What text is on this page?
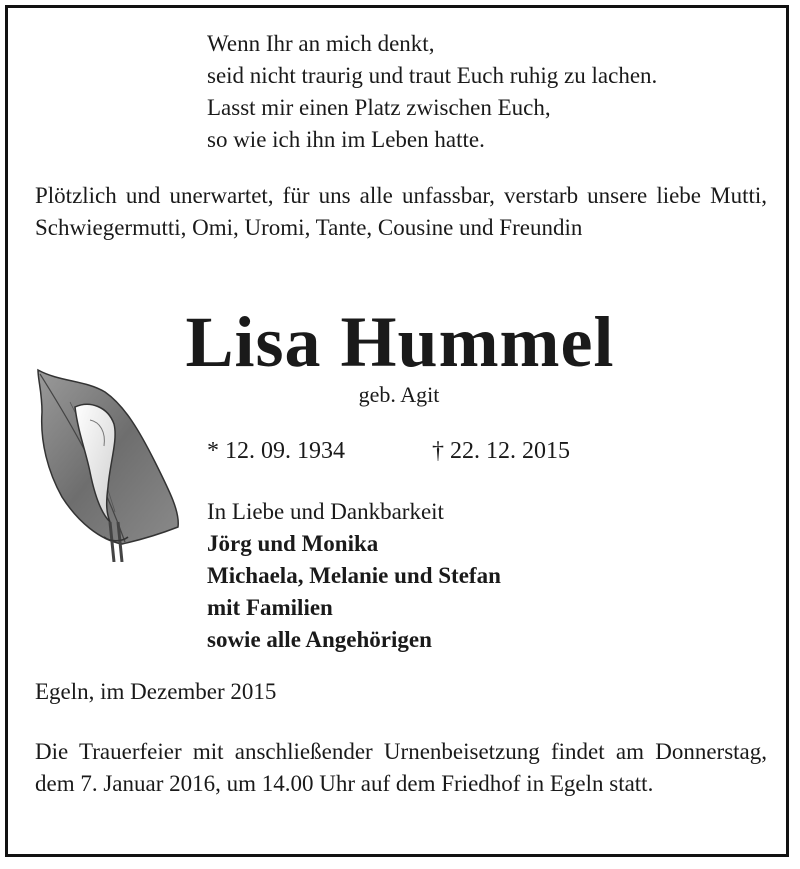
Wenn Ihr an mich denkt,
seid nicht traurig und traut Euch ruhig zu lachen.
Lasst mir einen Platz zwischen Euch,
so wie ich ihn im Leben hatte.
Plötzlich und unerwartet, für uns alle unfassbar, verstarb unsere liebe Mutti, Schwiegermutti, Omi, Uromi, Tante, Cousine und Freundin
Lisa Hummel
geb. Agit
* 12. 09. 1934	† 22. 12. 2015
In Liebe und Dankbarkeit
Jörg und Monika
Michaela, Melanie und Stefan
mit Familien
sowie alle Angehörigen
Egeln, im Dezember 2015
Die Trauerfeier mit anschließender Urnenbeisetzung findet am Donnerstag, dem 7. Januar 2016, um 14.00 Uhr auf dem Friedhof in Egeln statt.
